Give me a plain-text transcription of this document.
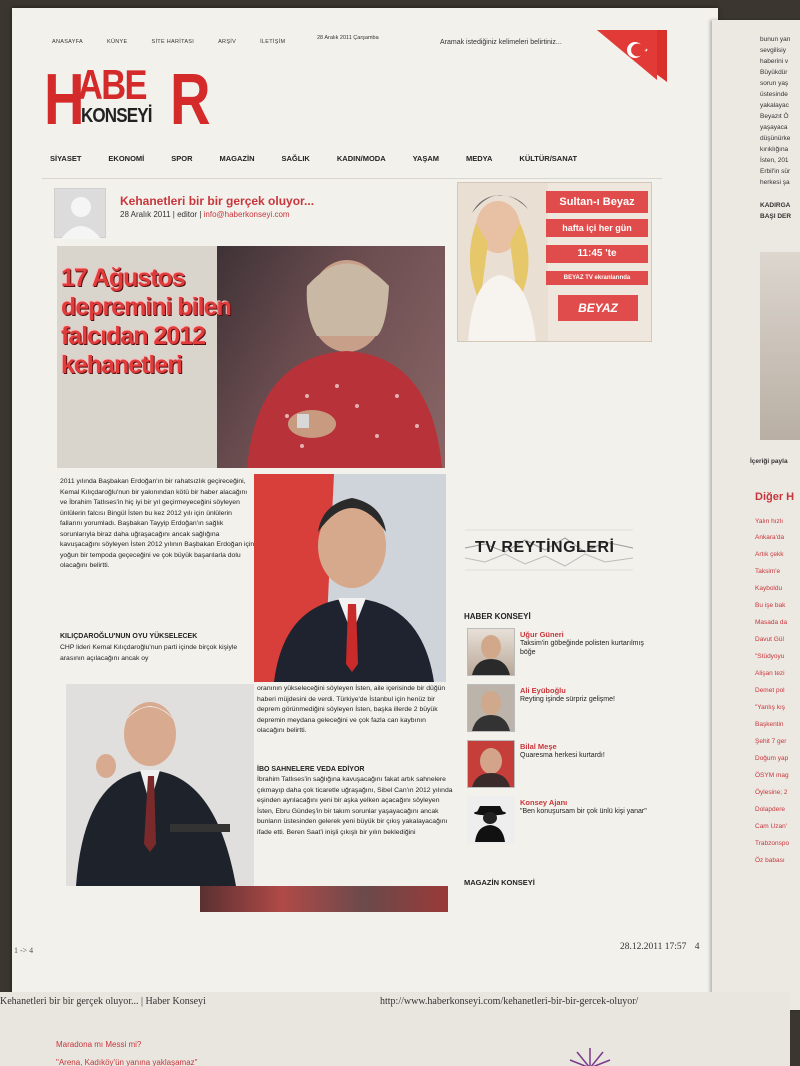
ANASAYFA	KÜNYE	SİTE HARİTASI	ARŞİV	İLETİŞİM
28 Aralık 2011 Çarşamba
Aramak istediğiniz kelimeleri belirtiniz...
H
ABE R
KONSEYİ
SİYASET	EKONOMİ	SPOR	MAGAZİN	SAĞLIK	KADIN/MODA	YAŞAM	MEDYA	KÜLTÜR/SANAT
Kehanetleri bir bir gerçek oluyor...
28 Aralık 2011 | editor | info@haberkonseyi.com
17 Ağustos depremini bilen falcıdan 2012 kehanetleri
2011 yılında Başbakan Erdoğan'ın bir rahatsızlık geçireceğini, Kemal Kılıçdaroğlu'nun bir yakınından kötü bir haber alacağını ve İbrahim Tatlıses'in hiç iyi bir yıl geçirmeyeceğini söyleyen ünlülerin falcısı Bingül İsten bu kez 2012 yılı için ünlülerin fallarını yorumladı. Başbakan Tayyip Erdoğan'ın sağlık sorunlarıyla biraz daha uğraşacağını ancak sağlığına kavuşacağını söyleyen İsten 2012 yılının Başbakan Erdoğan için yoğun bir tempoda geçeceğini ve çok büyük başarılarla dolu olacağını belirtti.
KILIÇDAROĞLU'NUN OYU YÜKSELECEK
CHP lideri Kemal Kılıçdaroğlu'nun parti içinde birçok kişiyle arasının açılacağını ancak oy
oranının yükseleceğini söyleyen İsten, aile içerisinde bir düğün haberi müjdesini de verdi. Türkiye'de İstanbul için henüz bir deprem görünmediğini söyleyen İsten, başka illerde 2 büyük depremin meydana geleceğini ve çok fazla can kaybının olacağını belirtti.
İBO SAHNELERE VEDA EDİYOR
İbrahim Tatlıses'in sağlığına kavuşacağını fakat artık sahnelere çıkmayıp daha çok ticaretle uğraşağını, Sibel Can'ın 2012 yılında eşinden ayrılacağını yeni bir aşka yelken açacağını söyleyen İsten, Ebru Gündeş'in bir takım sorunlar yaşayacağını ancak bunların üstesinden gelerek yeni büyük bir çıkış yakalayacağını ifade etti. Beren Saat'i inişli çıkışlı bir yılın beklediğini
Sultan-ı Beyaz
hafta içi her gün
11:45 'te
BEYAZ TV ekranlarında
BEYAZ
TV REYTİNGLERİ
HABER KONSEYİ
Uğur Güneri
Taksim'in göbeğinde polisten kurtarılmış böğe
Ali Eyüboğlu
Reyting işinde sürpriz gelişme!
Bilal Meşe
Quaresma herkesi kurtardı!
Konsey Ajanı
"Ben konuşursam bir çok ünlü kişi yanar"
MAGAZİN KONSEYİ
1 -> 4	28.12.2011 17:57 4
bunun yan
sevgilisiy
haberini v
Büyükdür
sorun yaş
üstesinde
yakalayac
Beyazıt Ö
yaşayaca
düşünürke
kırıklığına
İsten, 201
Erbil'in sür
herkesi şa
KADIRGA
BAŞI DER
İçeriği payla
Diğer H
Yalın hızlı
Ankara'da
Artık çekk
Taksim'e
Kayboldu
Bu işe bak
Masada da
Davut Gül
"Stüdyoyu
Alişan tezi
Demet pol
"Yanlış kış
Başkentin
Şehit 7 ger
Doğum yap
ÖSYM mag
Öylesine; 2
Dolapdere
Cam Uzan'
Trabzonspo
Öz babası
Kehanetleri bir bir gerçek oluyor... | Haber Konseyi	http://www.haberkonseyi.com/kehanetleri-bir-bir-gercek-oluyor/
Maradona mı Messi mi?
"Arena, Kadıköy'ün yanına yaklaşamaz"
